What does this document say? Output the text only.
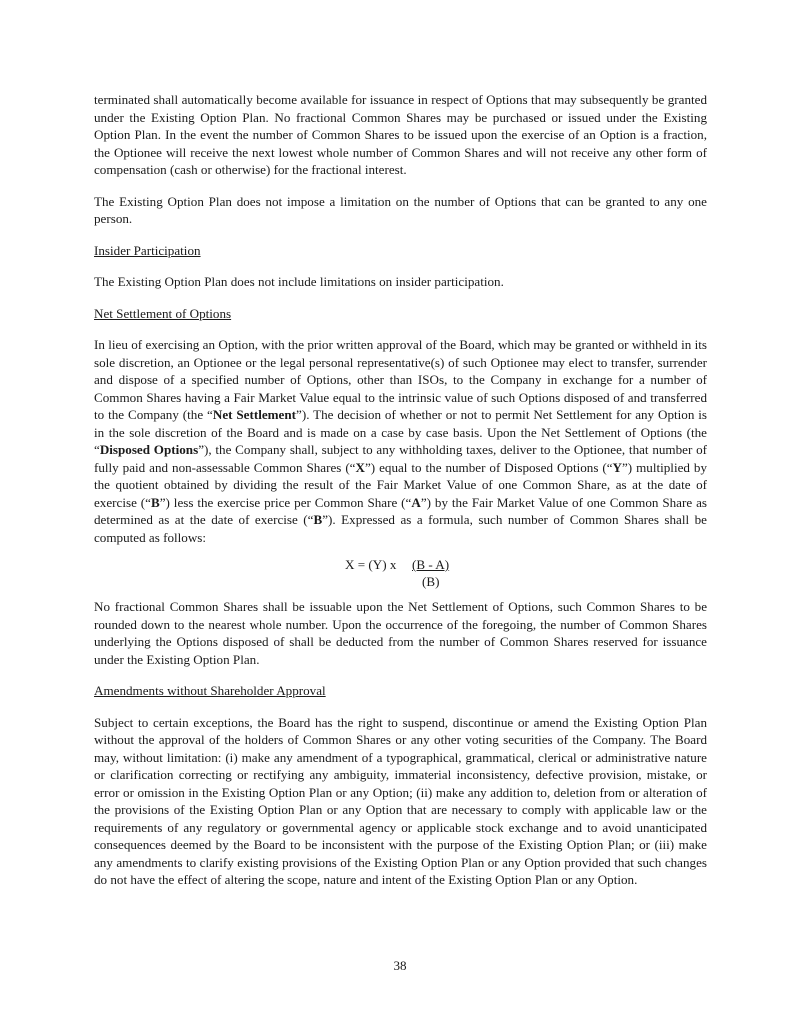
terminated shall automatically become available for issuance in respect of Options that may subsequently be granted under the Existing Option Plan. No fractional Common Shares may be purchased or issued under the Existing Option Plan. In the event the number of Common Shares to be issued upon the exercise of an Option is a fraction, the Optionee will receive the next lowest whole number of Common Shares and will not receive any other form of compensation (cash or otherwise) for the fractional interest.

The Existing Option Plan does not impose a limitation on the number of Options that can be granted to any one person.

Insider Participation

The Existing Option Plan does not include limitations on insider participation.

Net Settlement of Options

In lieu of exercising an Option, with the prior written approval of the Board, which may be granted or withheld in its sole discretion, an Optionee or the legal personal representative(s) of such Optionee may elect to transfer, surrender and dispose of a specified number of Options, other than ISOs, to the Company in exchange for a number of Common Shares having a Fair Market Value equal to the intrinsic value of such Options disposed of and transferred to the Company (the “Net Settlement”). The decision of whether or not to permit Net Settlement for any Option is in the sole discretion of the Board and is made on a case by case basis. Upon the Net Settlement of Options (the “Disposed Options”), the Company shall, subject to any withholding taxes, deliver to the Optionee, that number of fully paid and non-assessable Common Shares (“X”) equal to the number of Disposed Options (“Y”) multiplied by the quotient obtained by dividing the result of the Fair Market Value of one Common Share, as at the date of exercise (“B”) less the exercise price per Common Share (“A”) by the Fair Market Value of one Common Share as determined as at the date of exercise (“B”). Expressed as a formula, such number of Common Shares shall be computed as follows:

X = (Y) x (B - A)
(B)

No fractional Common Shares shall be issuable upon the Net Settlement of Options, such Common Shares to be rounded down to the nearest whole number. Upon the occurrence of the foregoing, the number of Common Shares underlying the Options disposed of shall be deducted from the number of Common Shares reserved for issuance under the Existing Option Plan.

Amendments without Shareholder Approval

Subject to certain exceptions, the Board has the right to suspend, discontinue or amend the Existing Option Plan without the approval of the holders of Common Shares or any other voting securities of the Company. The Board may, without limitation: (i) make any amendment of a typographical, grammatical, clerical or administrative nature or clarification correcting or rectifying any ambiguity, immaterial inconsistency, defective provision, mistake, or error or omission in the Existing Option Plan or any Option; (ii) make any addition to, deletion from or alteration of the provisions of the Existing Option Plan or any Option that are necessary to comply with applicable law or the requirements of any regulatory or governmental agency or applicable stock exchange and to avoid unanticipated consequences deemed by the Board to be inconsistent with the purpose of the Existing Option Plan; or (iii) make any amendments to clarify existing provisions of the Existing Option Plan or any Option provided that such changes do not have the effect of altering the scope, nature and intent of the Existing Option Plan or any Option.

38
